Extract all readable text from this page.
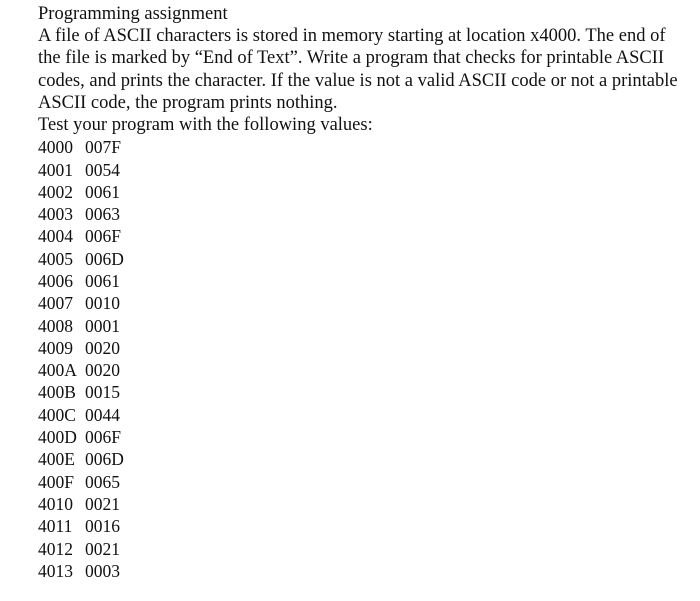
Programming assignment

A file of ASCII characters is stored in memory starting at location x4000. The end of the file is marked by “End of Text”. Write a program that checks for printable ASCII codes, and prints the character. If the value is not a valid ASCII code or not a printable ASCII code, the program prints nothing.

Test your program with the following values:

4000 007F
4001 0054
4002 0061
4003 0063
4004 006F
4005 006D
4006 0061
4007 0010
4008 0001
4009 0020
400A 0020
400B 0015
400C 0044
400D 006F
400E 006D
400F 0065
4010 0021
4011 0016
4012 0021
4013 0003
